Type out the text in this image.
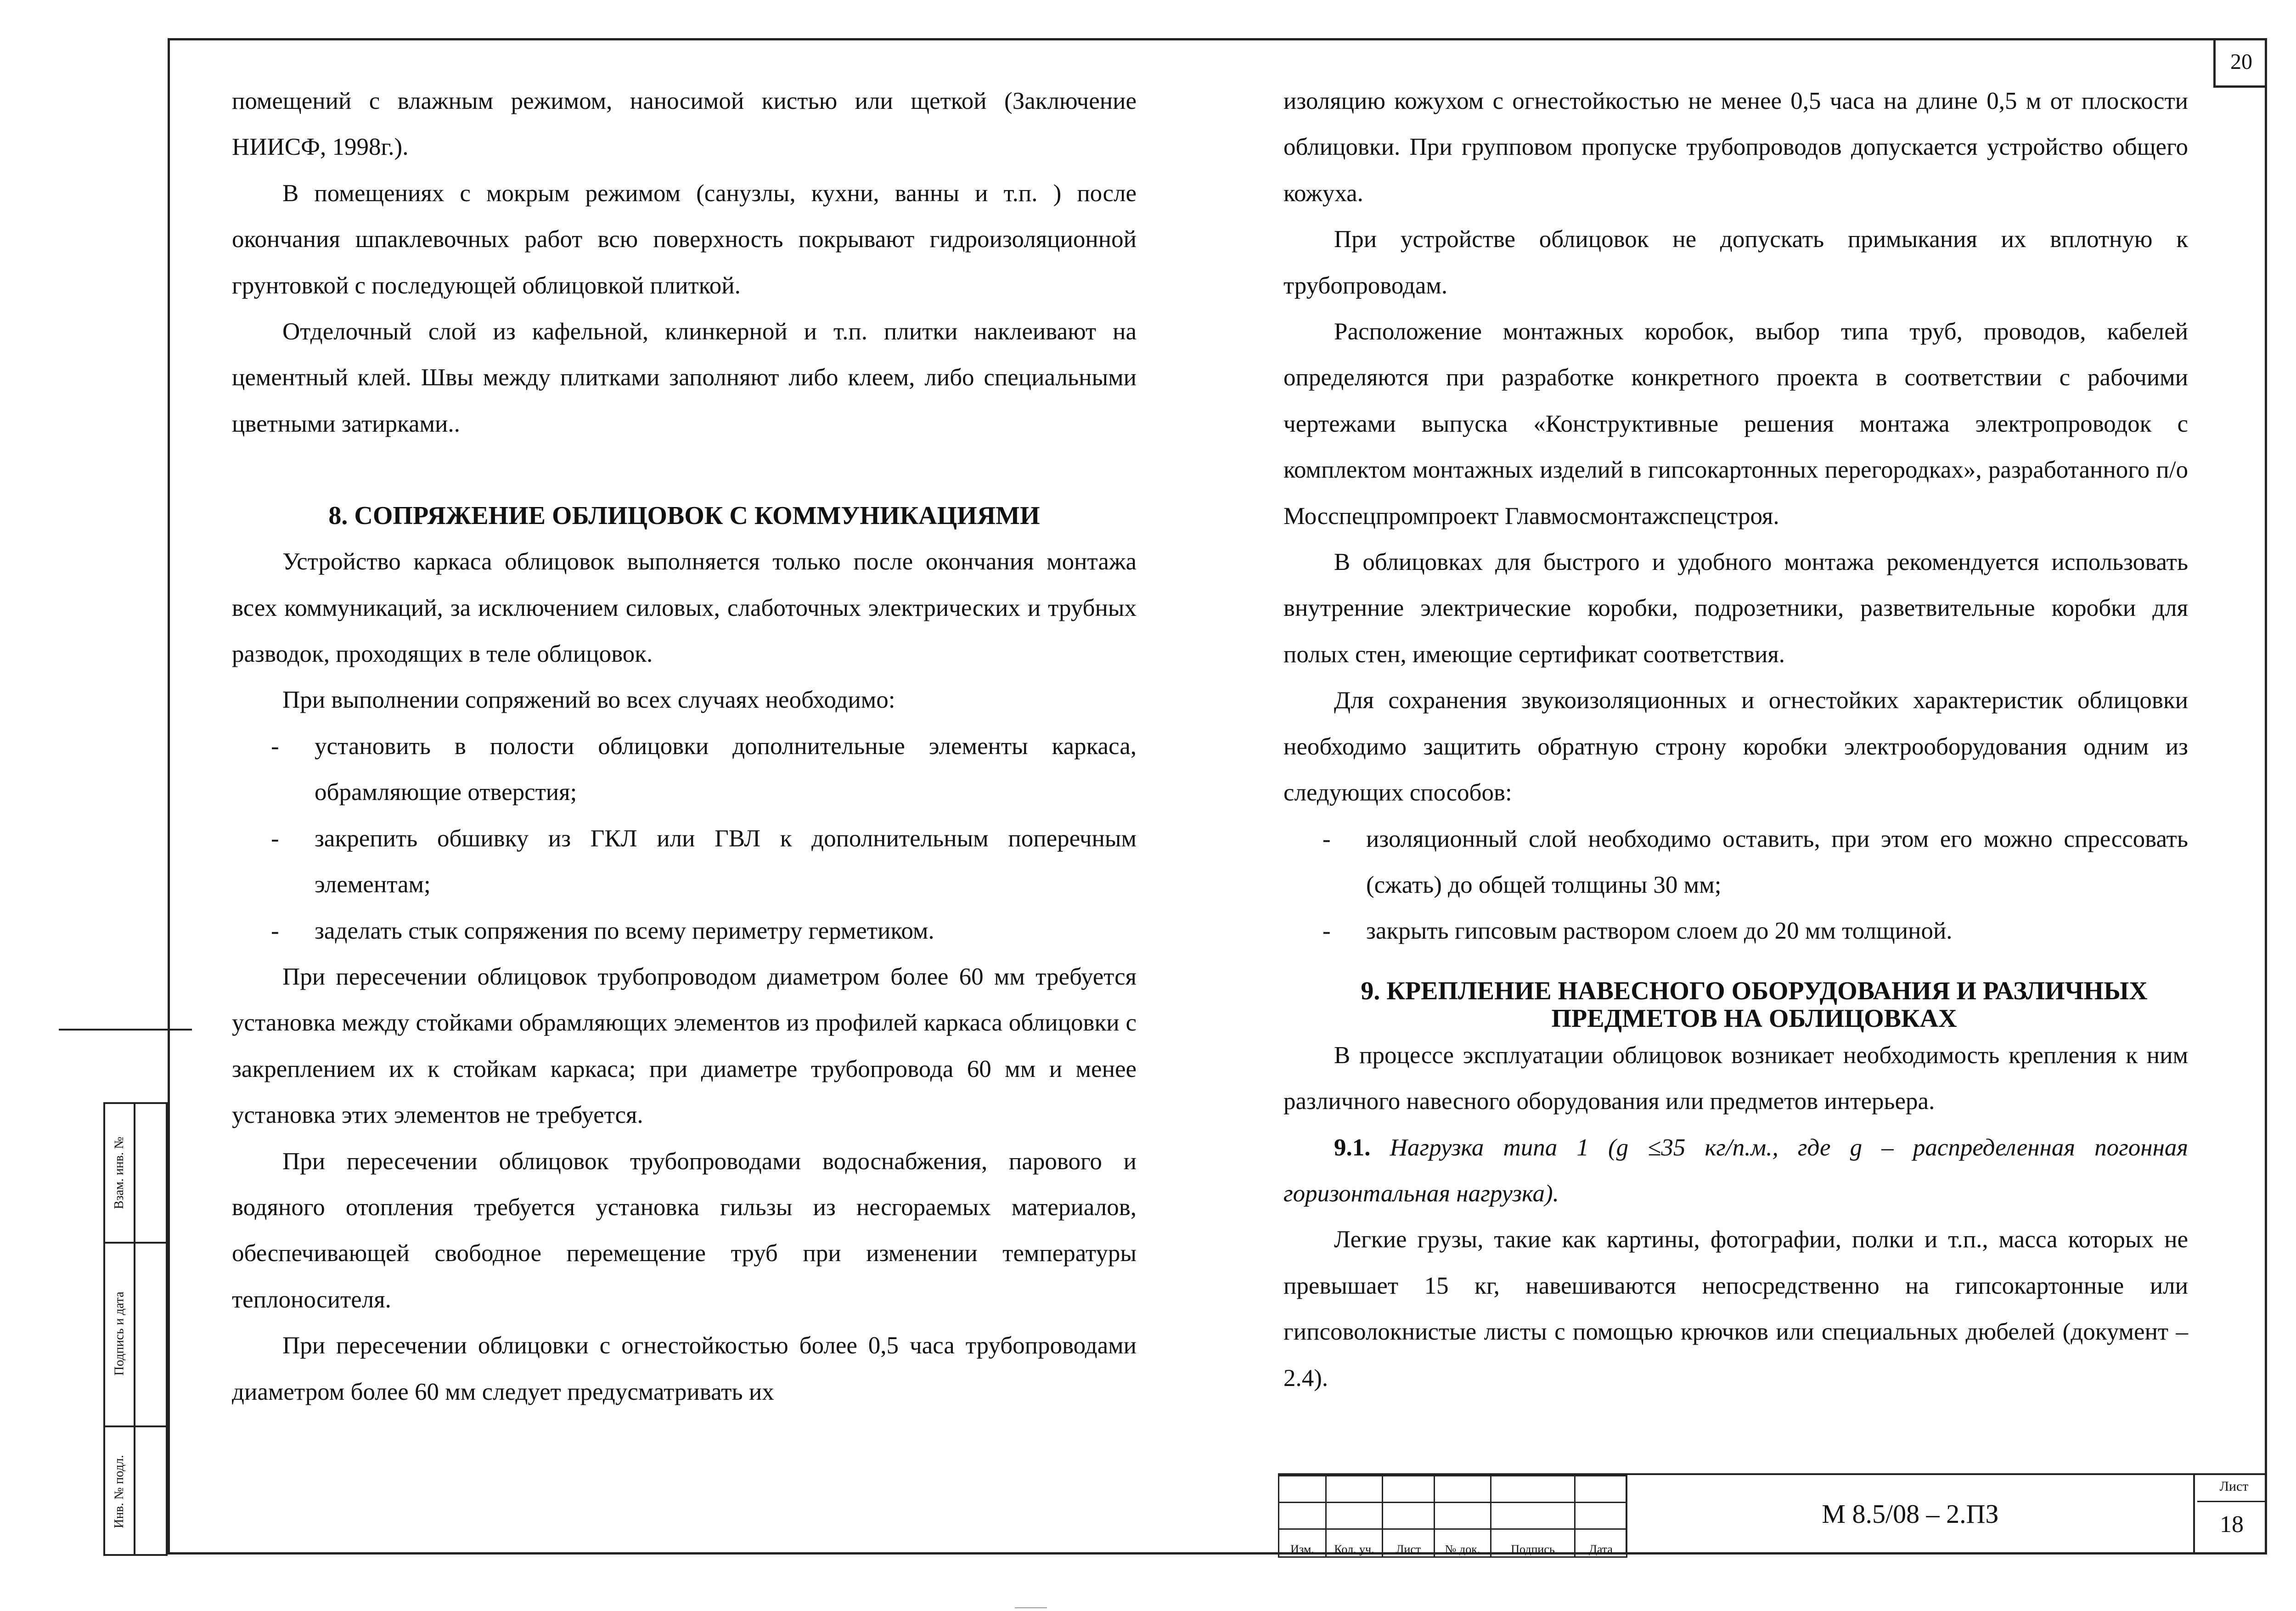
20
Взам. инв. №
Подпись и дата
Инв. № подл.

помещений с влажным режимом, наносимой кистью или щеткой (Заключение НИИСФ, 1998г.).

В помещениях с мокрым режимом (санузлы, кухни, ванны и т.п. ) после окончания шпаклевочных работ всю поверхность покрывают гидроизоляционной грунтовкой с последующей облицовкой плиткой.

Отделочный слой из кафельной, клинкерной и т.п. плитки наклеивают на цементный клей. Швы между плитками заполняют либо клеем, либо специальными цветными затирками..

8. СОПРЯЖЕНИЕ ОБЛИЦОВОК С КОММУНИКАЦИЯМИ

Устройство каркаса облицовок выполняется только после окончания монтажа всех коммуникаций, за исключением силовых, слаботочных электрических и трубных разводок, проходящих в теле облицовок.

При выполнении сопряжений во всех случаях необходимо:

- установить в полости облицовки дополнительные элементы каркаса, обрамляющие отверстия;

- закрепить обшивку из ГКЛ или ГВЛ к дополнительным поперечным элементам;

- заделать стык сопряжения по всему периметру герметиком.

При пересечении облицовок трубопроводом диаметром более 60 мм требуется установка между стойками обрамляющих элементов из профилей каркаса облицовки с закреплением их к стойкам каркаса; при диаметре трубопровода 60 мм и менее установка этих элементов не требуется.

При пересечении облицовок трубопроводами водоснабжения, парового и водяного отопления требуется установка гильзы из несгораемых материалов, обеспечивающей свободное перемещение труб при изменении температуры теплоносителя.

При пересечении облицовки с огнестойкостью более 0,5 часа трубопроводами диаметром более 60 мм следует предусматривать их

изоляцию кожухом с огнестойкостью не менее 0,5 часа на длине 0,5 м от плоскости облицовки. При групповом пропуске трубопроводов допускается устройство общего кожуха.

При устройстве облицовок не допускать примыкания их вплотную к трубопроводам.

Расположение монтажных коробок, выбор типа труб, проводов, кабелей определяются при разработке конкретного проекта в соответствии с рабочими чертежами выпуска «Конструктивные решения монтажа электропроводок с комплектом монтажных изделий в гипсокартонных перегородках», разработанного п/о Мосспецпромпроект Главмосмонтажспецстроя.

В облицовках для быстрого и удобного монтажа рекомендуется использовать внутренние электрические коробки, подрозетники, разветвительные коробки для полых стен, имеющие сертификат соответствия.

Для сохранения звукоизоляционных и огнестойких характеристик облицовки необходимо защитить обратную строну коробки электрооборудования одним из следующих способов:

- изоляционный слой необходимо оставить, при этом его можно спрессовать (сжать) до общей толщины 30 мм;

- закрыть гипсовым раствором слоем до 20 мм толщиной.

9. КРЕПЛЕНИЕ НАВЕСНОГО ОБОРУДОВАНИЯ И РАЗЛИЧНЫХ ПРЕДМЕТОВ НА ОБЛИЦОВКАХ

В процессе эксплуатации облицовок возникает необходимость крепления к ним различного навесного оборудования или предметов интерьера.

9.1. Нагрузка типа 1 (g ≤35 кг/п.м., где g – распределенная погонная горизонтальная нагрузка).

Легкие грузы, такие как картины, фотографии, полки и т.п., масса которых не превышает 15 кг, навешиваются непосредственно на гипсокартонные или гипсоволокнистые листы с помощью крючков или специальных дюбелей (документ –2.4).

Изм.	Кол. уч.	Лист	№ док.	Подпись	Дата
М 8.5/08 – 2.ПЗ
Лист
18
